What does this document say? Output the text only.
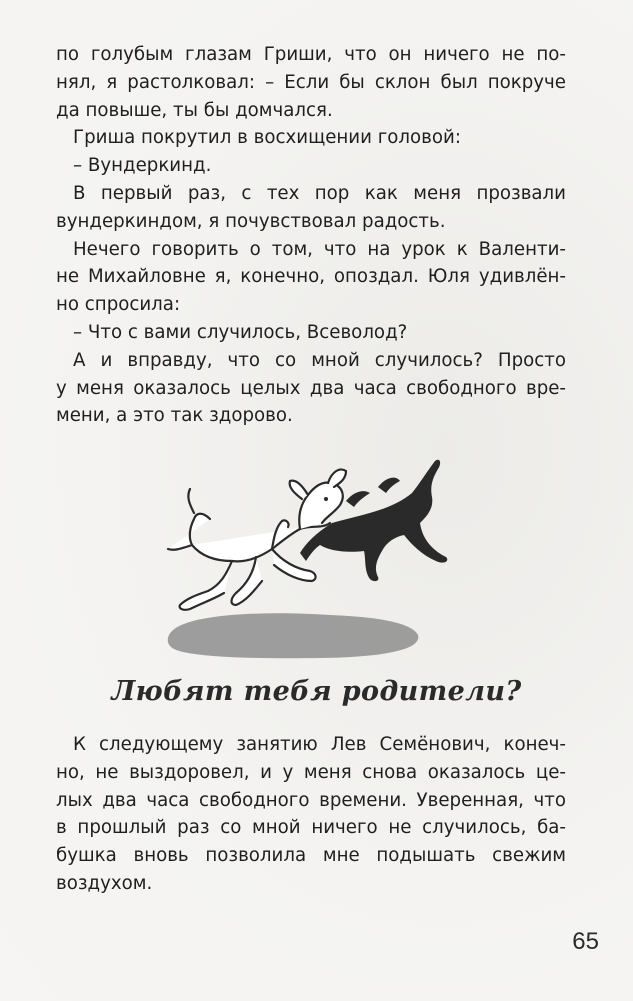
по голубым глазам Гриши, что он ничего не по-
нял, я растолковал: – Если бы склон был покруче
да повыше, ты бы домчался.
Гриша покрутил в восхищении головой:
– Вундеркинд.
В первый раз, с тех пор как меня прозвали
вундеркиндом, я почувствовал радость.
Нечего говорить о том, что на урок к Валенти-
не Михайловне я, конечно, опоздал. Юля удивлён-
но спросила:
– Что с вами случилось, Всеволод?
А и вправду, что со мной случилось? Просто
у меня оказалось целых два часа свободного вре-
мени, а это так здорово.
Любят тебя родители?
К следующему занятию Лев Семёнович, конеч-
но, не выздоровел, и у меня снова оказалось це-
лых два часа свободного времени. Уверенная, что
в прошлый раз со мной ничего не случилось, ба-
бушка вновь позволила мне подышать свежим
воздухом.
65
